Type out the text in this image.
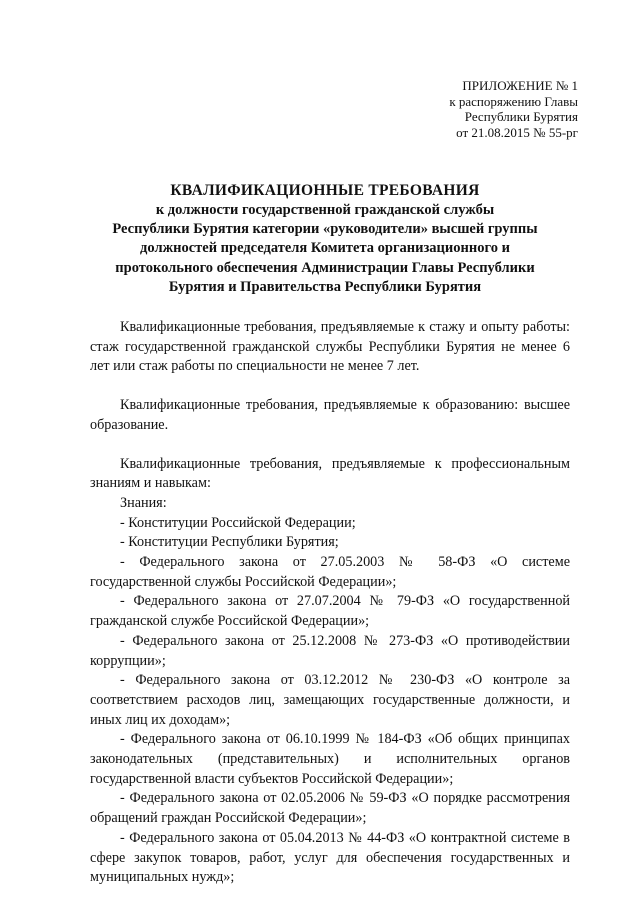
ПРИЛОЖЕНИЕ № 1
к распоряжению Главы
Республики Бурятия
от 21.08.2015 № 55-рг
КВАЛИФИКАЦИОННЫЕ ТРЕБОВАНИЯ
к должности государственной гражданской службы
Республики Бурятия категории «руководители» высшей группы
должностей председателя Комитета организационного и
протокольного обеспечения Администрации Главы Республики
Бурятия и Правительства Республики Бурятия

Квалификационные требования, предъявляемые к стажу и опыту работы: стаж государственной гражданской службы Республики Бурятия не менее 6 лет или стаж работы по специальности не менее 7 лет.

Квалификационные требования, предъявляемые к образованию: высшее образование.

Квалификационные требования, предъявляемые к профессиональным знаниям и навыкам:

Знания:

- Конституции Российской Федерации;

- Конституции Республики Бурятия;

- Федерального закона от 27.05.2003 № 58-ФЗ «О системе государственной службы Российской Федерации»;

- Федерального закона от 27.07.2004 № 79-ФЗ «О государственной гражданской службе Российской Федерации»;

- Федерального закона от 25.12.2008 № 273-ФЗ «О противодействии коррупции»;

- Федерального закона от 03.12.2012 № 230-ФЗ «О контроле за соответствием расходов лиц, замещающих государственные должности, и иных лиц их доходам»;

- Федерального закона от 06.10.1999 № 184-ФЗ «Об общих принципах законодательных (представительных) и исполнительных органов государственной власти субъектов Российской Федерации»;

- Федерального закона от 02.05.2006 № 59-ФЗ «О порядке рассмотрения обращений граждан Российской Федерации»;

- Федерального закона от 05.04.2013 № 44-ФЗ «О контрактной системе в сфере закупок товаров, работ, услуг для обеспечения государственных и муниципальных нужд»;
